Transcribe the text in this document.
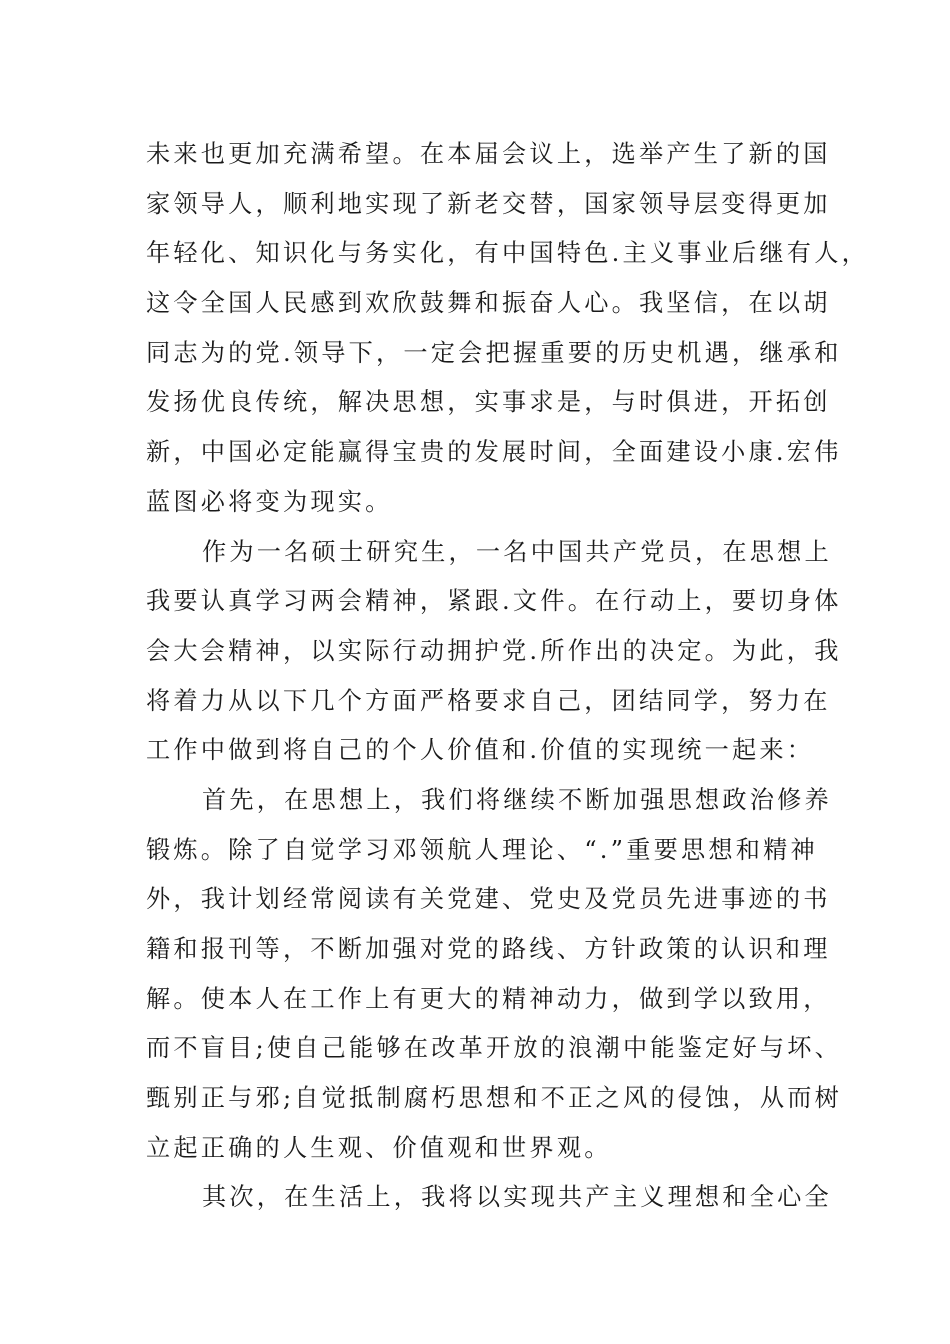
未来也更加充满希望。在本届会议上，选举产生了新的国
家领导人，顺利地实现了新老交替，国家领导层变得更加
年轻化、知识化与务实化，有中国特色.主义事业后继有人，
这令全国人民感到欢欣鼓舞和振奋人心。我坚信，在以胡
同志为的党.领导下，一定会把握重要的历史机遇，继承和
发扬优良传统，解决思想，实事求是，与时俱进，开拓创
新，中国必定能赢得宝贵的发展时间，全面建设小康.宏伟
蓝图必将变为现实。
作为一名硕士研究生，一名中国共产党员，在思想上
我要认真学习两会精神，紧跟.文件。在行动上，要切身体
会大会精神，以实际行动拥护党.所作出的决定。为此，我
将着力从以下几个方面严格要求自己，团结同学，努力在
工作中做到将自己的个人价值和.价值的实现统一起来：
首先，在思想上，我们将继续不断加强思想政治修养
锻炼。除了自觉学习邓领航人理论、“.”重要思想和精神
外，我计划经常阅读有关党建、党史及党员先进事迹的书
籍和报刊等，不断加强对党的路线、方针政策的认识和理
解。使本人在工作上有更大的精神动力，做到学以致用，
而不盲目;使自己能够在改革开放的浪潮中能鉴定好与坏、
甄别正与邪;自觉抵制腐朽思想和不正之风的侵蚀，从而树
立起正确的人生观、价值观和世界观。
其次，在生活上，我将以实现共产主义理想和全心全
